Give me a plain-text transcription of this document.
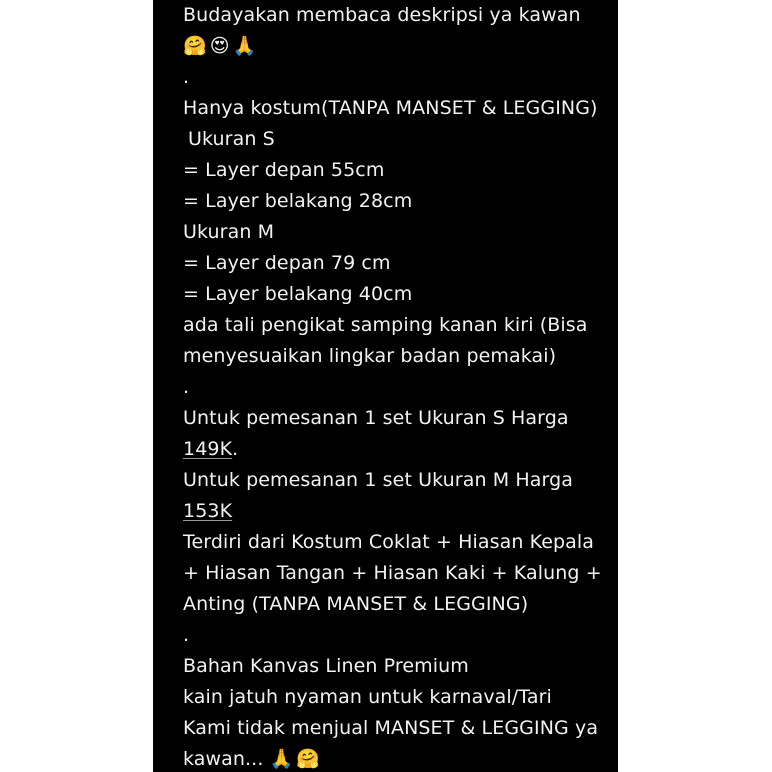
Budayakan membaca deskripsi ya kawan
🤗 😍 🙏
.
Hanya kostum(TANPA MANSET & LEGGING)
Ukuran S
= Layer depan 55cm
= Layer belakang 28cm
Ukuran M
= Layer depan 79 cm
= Layer belakang 40cm
ada tali pengikat samping kanan kiri (Bisa
menyesuaikan lingkar badan pemakai)
.
Untuk pemesanan 1 set Ukuran S Harga
149K.
Untuk pemesanan 1 set Ukuran M Harga
153K
Terdiri dari Kostum Coklat + Hiasan Kepala
+ Hiasan Tangan + Hiasan Kaki + Kalung +
Anting (TANPA MANSET & LEGGING)
.
Bahan Kanvas Linen Premium
kain jatuh nyaman untuk karnaval/Tari
Kami tidak menjual MANSET & LEGGING ya
kawan... 🙏 🤗
